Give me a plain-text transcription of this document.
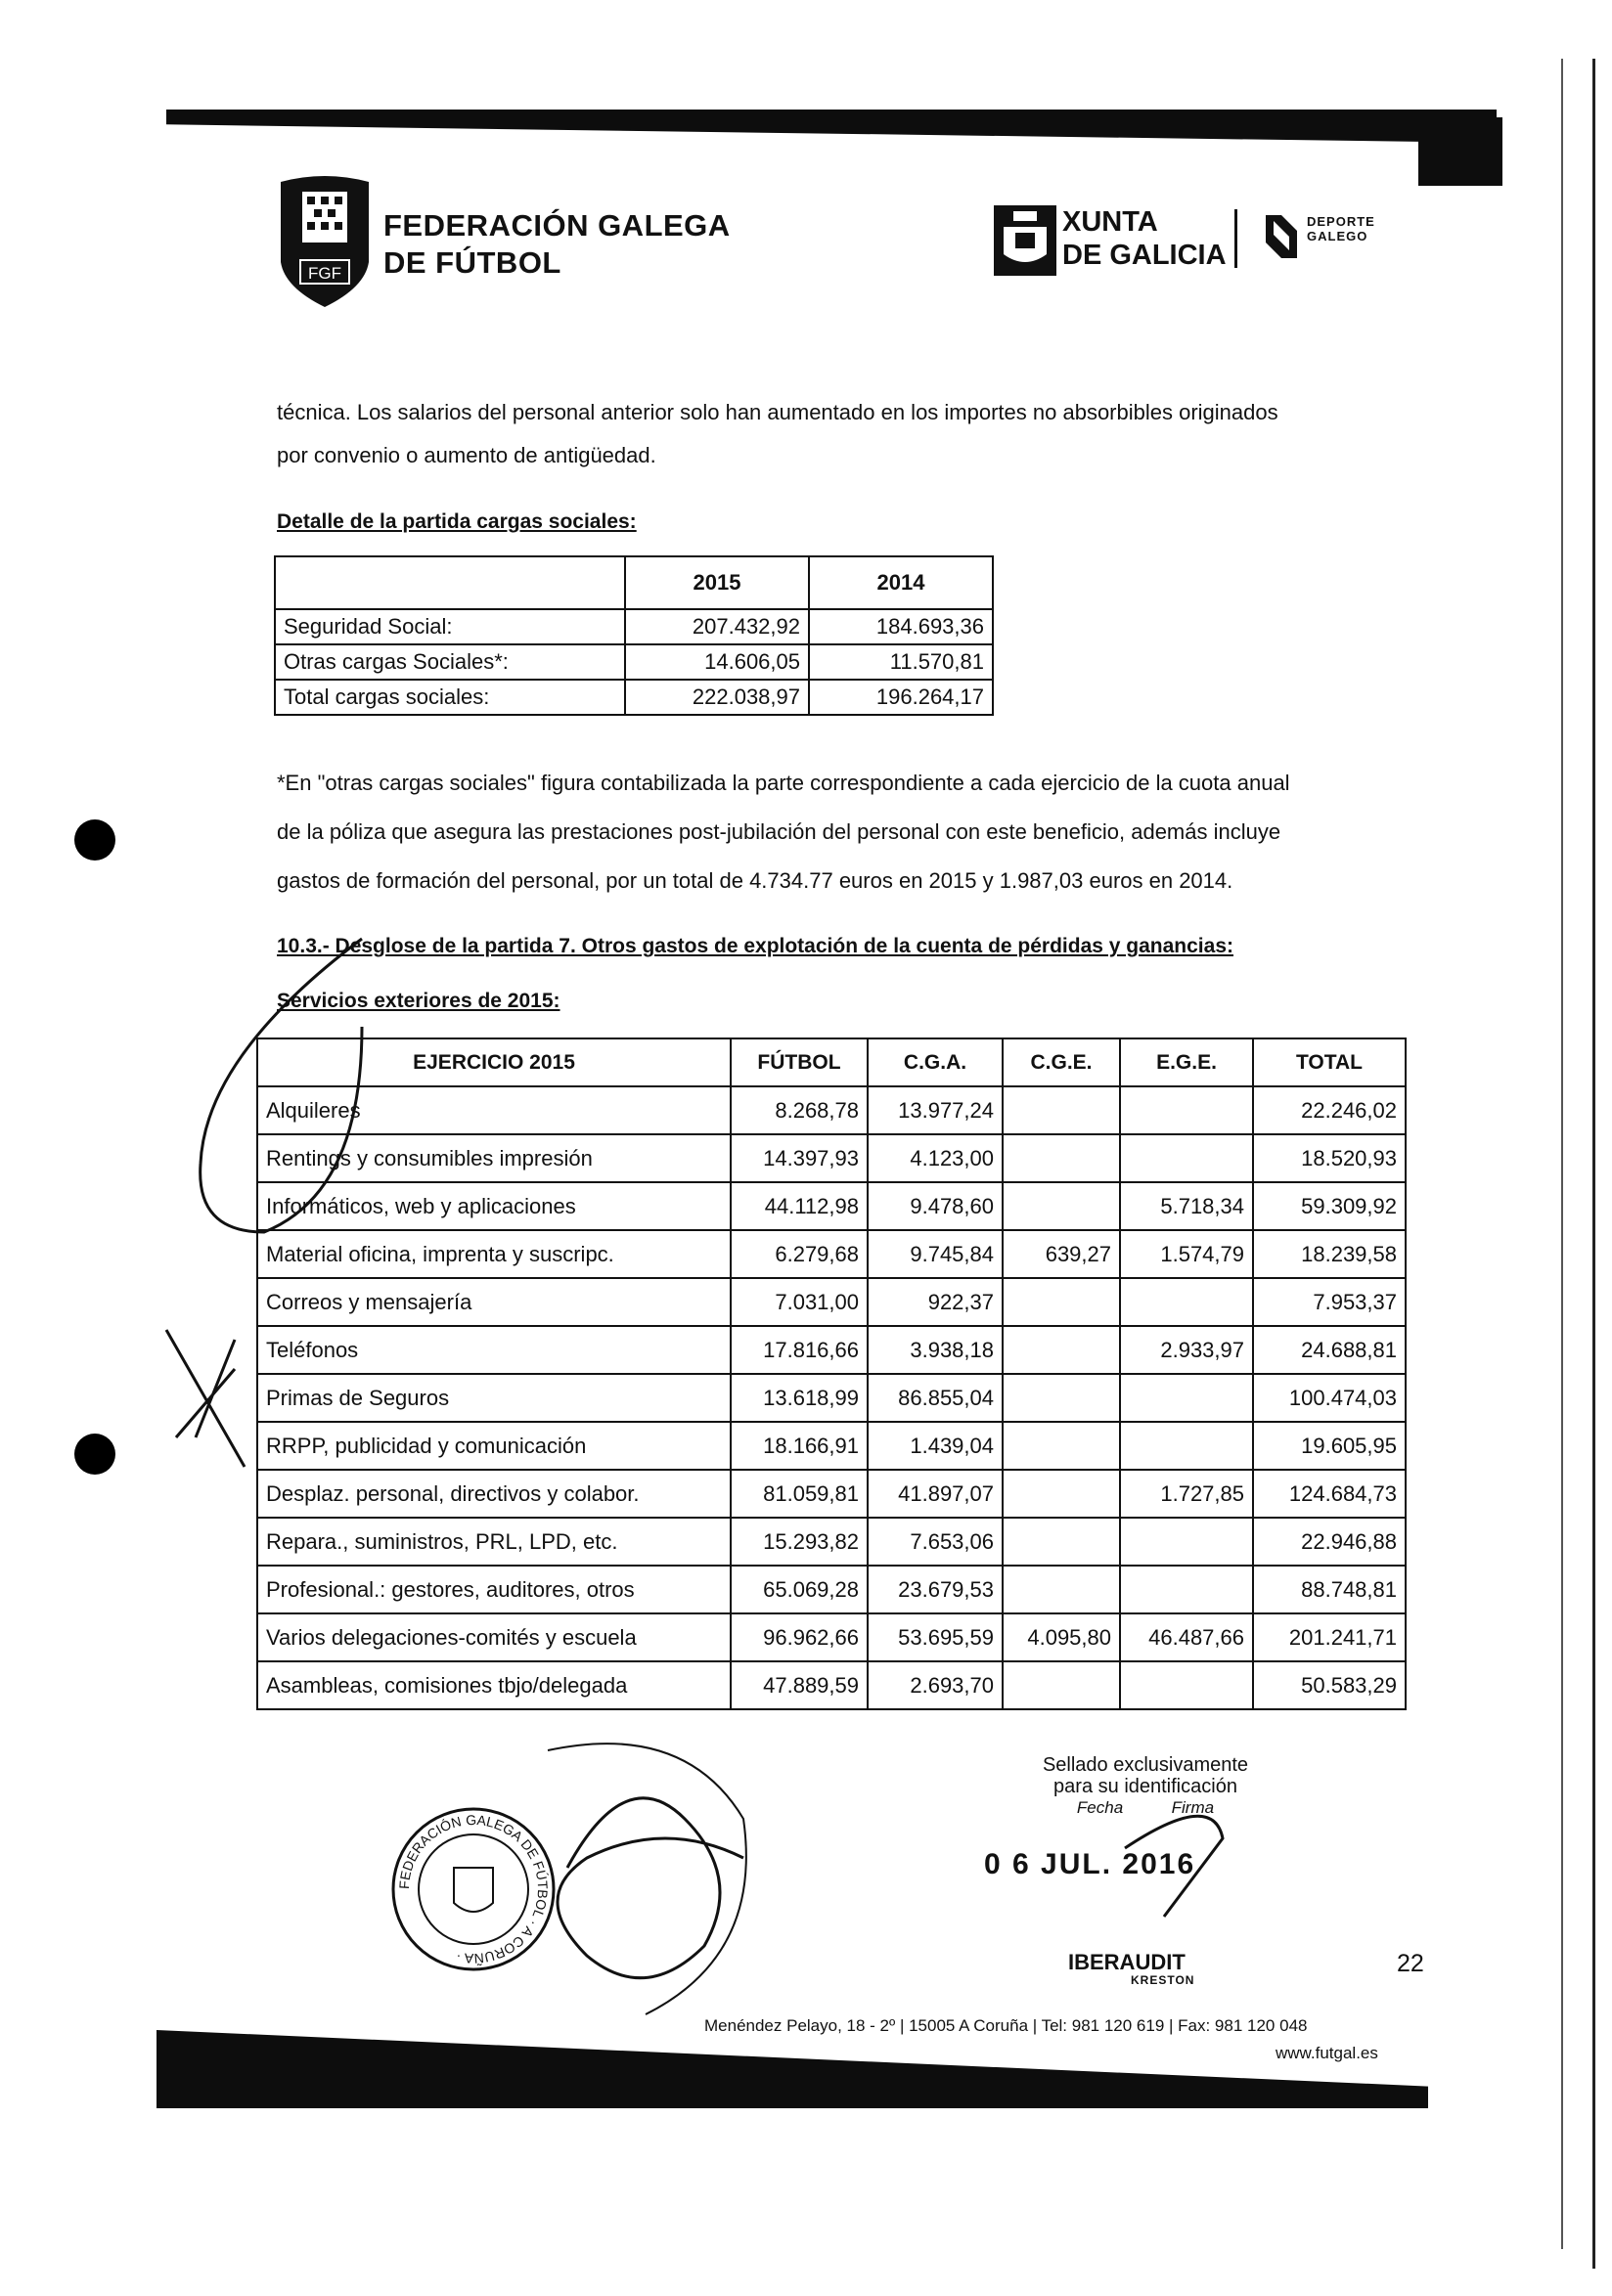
FGF
FEDERACIÓN GALEGA
DE FÚTBOL
XUNTA
DE GALICIA
DEPORTE
GALEGO
técnica. Los salarios del personal anterior solo han aumentado en los importes no absorbibles originados
por convenio o aumento de antigüedad.
Detalle de la partida cargas sociales:
	2015	2014
Seguridad Social:	207.432,92	184.693,36
Otras cargas Sociales*:	14.606,05	11.570,81
Total cargas sociales:	222.038,97	196.264,17
*En "otras cargas sociales" figura contabilizada la parte correspondiente a cada ejercicio de la cuota anual
de la póliza que asegura las prestaciones post-jubilación del personal con este beneficio, además incluye
gastos de formación del personal, por un total de 4.734.77 euros en 2015 y 1.987,03 euros en 2014.
10.3.- Desglose de la partida 7. Otros gastos de explotación de la cuenta de pérdidas y ganancias:
Servicios exteriores de 2015:
EJERCICIO 2015	FÚTBOL	C.G.A.	C.G.E.	E.G.E.	TOTAL
Alquileres	8.268,78	13.977,24			22.246,02
Rentings y consumibles impresión	14.397,93	4.123,00			18.520,93
Informáticos, web y aplicaciones	44.112,98	9.478,60		5.718,34	59.309,92
Material oficina, imprenta y suscripc.	6.279,68	9.745,84	639,27	1.574,79	18.239,58
Correos y mensajería	7.031,00	922,37			7.953,37
Teléfonos	17.816,66	3.938,18		2.933,97	24.688,81
Primas de Seguros	13.618,99	86.855,04			100.474,03
RRPP, publicidad y comunicación	18.166,91	1.439,04			19.605,95
Desplaz. personal, directivos y colabor.	81.059,81	41.897,07		1.727,85	124.684,73
Repara., suministros, PRL, LPD, etc.	15.293,82	7.653,06			22.946,88
Profesional.: gestores, auditores, otros	65.069,28	23.679,53			88.748,81
Varios delegaciones-comités y escuela	96.962,66	53.695,59	4.095,80	46.487,66	201.241,71
Asambleas, comisiones tbjo/delegada	47.889,59	2.693,70			50.583,29
FEDERACIÓN GALEGA DE FÚTBOL · A CORUÑA ·
Sellado exclusivamente
para su identificación
Fecha	Firma
0 6 JUL. 2016
IBERAUDIT
KRESTON
22
Menéndez Pelayo, 18 - 2º | 15005 A Coruña | Tel: 981 120 619 | Fax: 981 120 048
www.futgal.es
